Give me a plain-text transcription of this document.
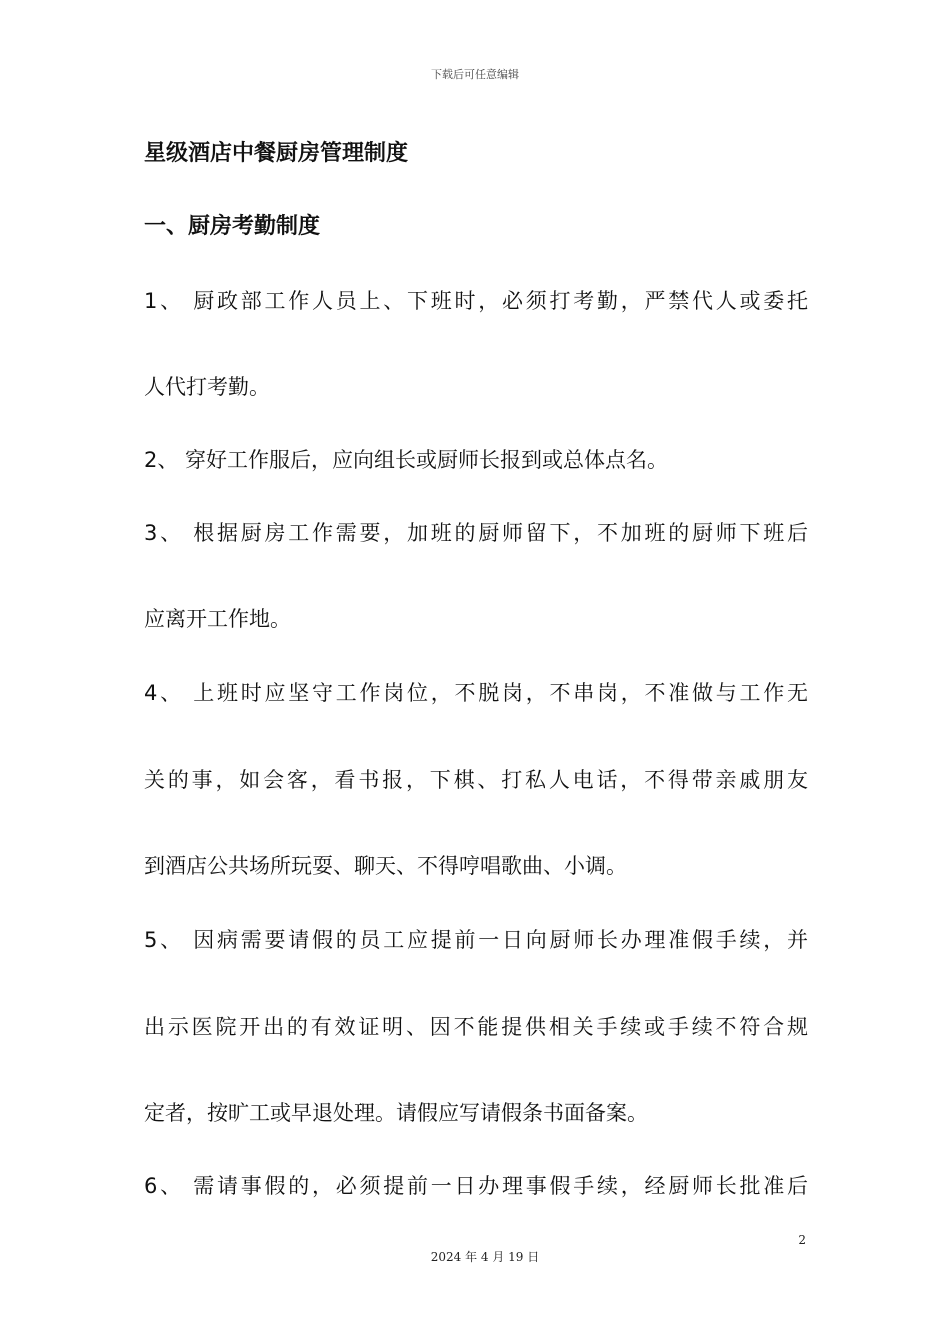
下载后可任意编辑
星级酒店中餐厨房管理制度
一、厨房考勤制度
1、 厨政部工作人员上、下班时，必须打考勤，严禁代人或委托
人代打考勤。
2、 穿好工作服后，应向组长或厨师长报到或总体点名。
3、 根据厨房工作需要，加班的厨师留下，不加班的厨师下班后
应离开工作地。
4、 上班时应坚守工作岗位，不脱岗，不串岗，不准做与工作无
关的事，如会客，看书报，下棋、打私人电话，不得带亲戚朋友
到酒店公共场所玩耍、聊天、不得哼唱歌曲、小调。
5、 因病需要请假的员工应提前一日向厨师长办理准假手续，并
出示医院开出的有效证明、因不能提供相关手续或手续不符合规
定者，按旷工或早退处理。请假应写请假条书面备案。
6、 需请事假的，必须提前一日办理事假手续，经厨师长批准后
2
2024 年 4 月 19 日
